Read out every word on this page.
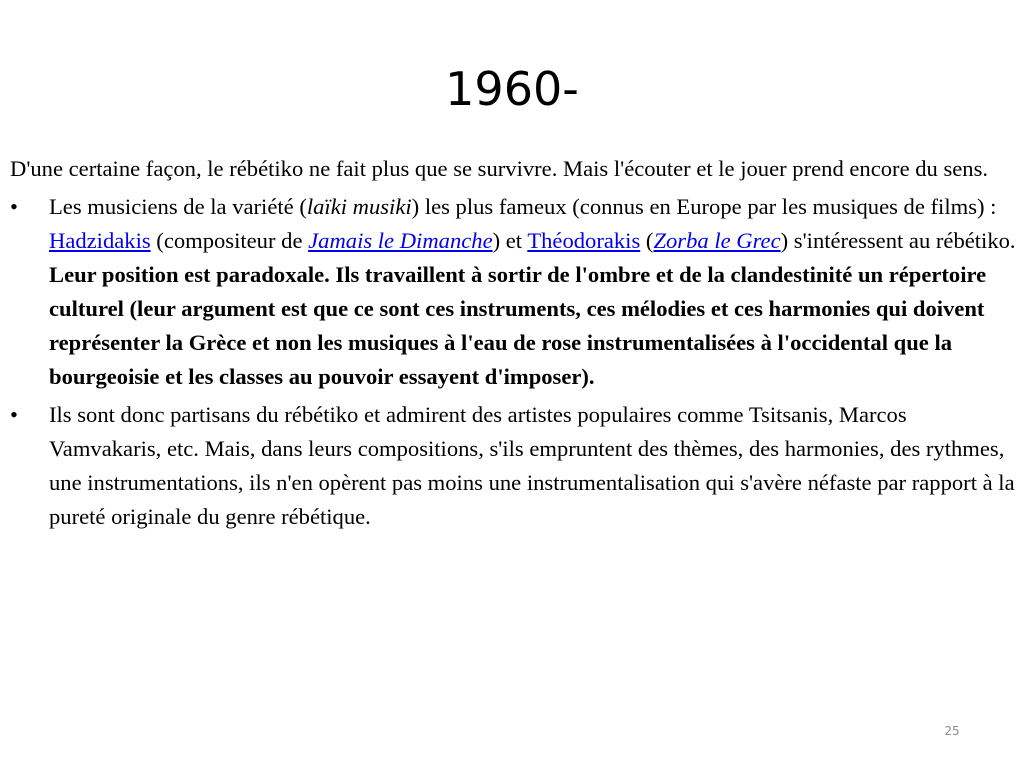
1960-

D'une certaine façon, le rébétiko ne fait plus que se survivre. Mais l'écouter et le jouer prend encore du sens.

•	Les musiciens de la variété (laïki musiki) les plus fameux (connus en Europe par les musiques de films) : Hadzidakis (compositeur de Jamais le Dimanche) et Théodorakis (Zorba le Grec) s'intéressent au rébétiko.
Leur position est paradoxale. Ils travaillent à sortir de l'ombre et de la clandestinité un répertoire culturel (leur argument est que ce sont ces instruments, ces mélodies et ces harmonies qui doivent représenter la Grèce et non les musiques à l'eau de rose instrumentalisées à l'occidental que la bourgeoisie et les classes au pouvoir essayent d'imposer).
•	Ils sont donc partisans du rébétiko et admirent des artistes populaires comme Tsitsanis, Marcos Vamvakaris, etc. Mais, dans leurs compositions, s'ils empruntent des thèmes, des harmonies, des rythmes, une instrumentations, ils n'en opèrent pas moins une instrumentalisation qui s'avère néfaste par rapport à la pureté originale du genre rébétique.
25
